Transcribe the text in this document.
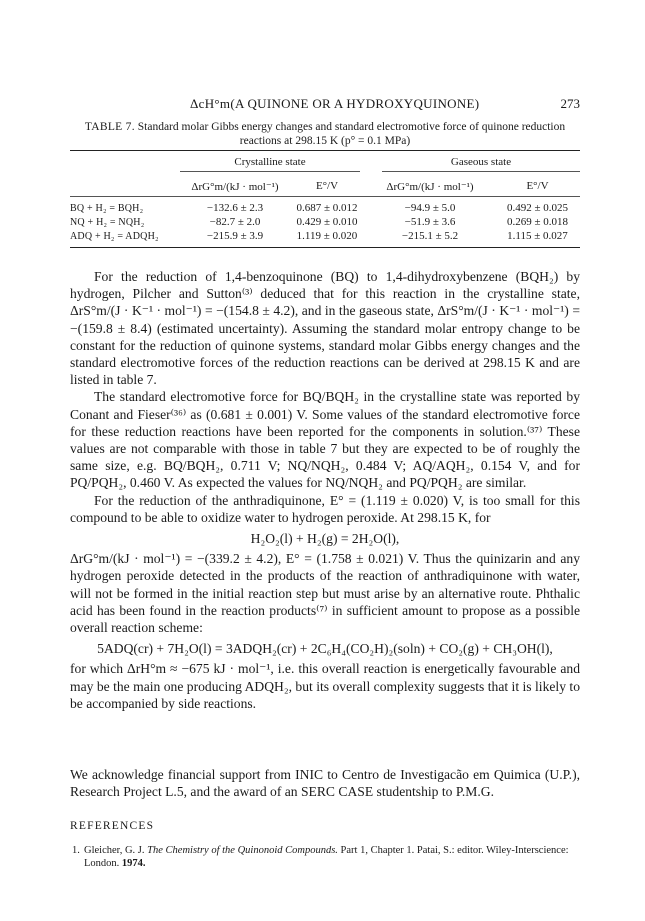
ΔcH°m(A QUINONE OR A HYDROXYQUINONE)	273
TABLE 7. Standard molar Gibbs energy changes and standard electromotive force of quinone reduction reactions at 298.15 K (p° = 0.1 MPa)
Crystalline state	Gaseous state
ΔrG°m/(kJ · mol⁻¹)	E°/V	ΔrG°m/(kJ · mol⁻¹)	E°/V
BQ + H₂ = BQH₂	−132.6 ± 2.3	0.687 ± 0.012	−94.9 ± 5.0	0.492 ± 0.025
NQ + H₂ = NQH₂	−82.7 ± 2.0	0.429 ± 0.010	−51.9 ± 3.6	0.269 ± 0.018
ADQ + H₂ = ADQH₂	−215.9 ± 3.9	1.119 ± 0.020	−215.1 ± 5.2	1.115 ± 0.027

For the reduction of 1,4-benzoquinone (BQ) to 1,4-dihydroxybenzene (BQH₂) by hydrogen, Pilcher and Sutton⁽³⁾ deduced that for this reaction in the crystalline state, ΔrS°m/(J · K⁻¹ · mol⁻¹) = −(154.8 ± 4.2), and in the gaseous state, ΔrS°m/(J · K⁻¹ · mol⁻¹) = −(159.8 ± 8.4) (estimated uncertainty). Assuming the standard molar entropy change to be constant for the reduction of quinone systems, standard molar Gibbs energy changes and the standard electromotive forces of the reduction reactions can be derived at 298.15 K and are listed in table 7.

The standard electromotive force for BQ/BQH₂ in the crystalline state was reported by Conant and Fieser⁽³⁶⁾ as (0.681 ± 0.001) V. Some values of the standard electromotive force for these reduction reactions have been reported for the components in solution.⁽³⁷⁾ These values are not comparable with those in table 7 but they are expected to be of roughly the same size, e.g. BQ/BQH₂, 0.711 V; NQ/NQH₂, 0.484 V; AQ/AQH₂, 0.154 V, and for PQ/PQH₂, 0.460 V. As expected the values for NQ/NQH₂ and PQ/PQH₂ are similar.

For the reduction of the anthradiquinone, E° = (1.119 ± 0.020) V, is too small for this compound to be able to oxidize water to hydrogen peroxide. At 298.15 K, for

H₂O₂(l) + H₂(g) = 2H₂O(l),

ΔrG°m/(kJ · mol⁻¹) = −(339.2 ± 4.2), E° = (1.758 ± 0.021) V. Thus the quinizarin and any hydrogen peroxide detected in the products of the reaction of anthradiquinone with water, will not be formed in the initial reaction step but must arise by an alternative route. Phthalic acid has been found in the reaction products⁽⁷⁾ in sufficient amount to propose as a possible overall reaction scheme:

5ADQ(cr) + 7H₂O(l) = 3ADQH₂(cr) + 2C₆H₄(CO₂H)₂(soln) + CO₂(g) + CH₃OH(l),

for which ΔrH°m ≈ −675 kJ · mol⁻¹, i.e. this overall reaction is energetically favourable and may be the main one producing ADQH₂, but its overall complexity suggests that it is likely to be accompanied by side reactions.

We acknowledge financial support from INIC to Centro de Investigacão em Quimica (U.P.), Research Project L.5, and the award of an SERC CASE studentship to P.M.G.

REFERENCES
1. Gleicher, G. J. The Chemistry of the Quinonoid Compounds. Part 1, Chapter 1. Patai, S.: editor. Wiley-Interscience: London. 1974.
